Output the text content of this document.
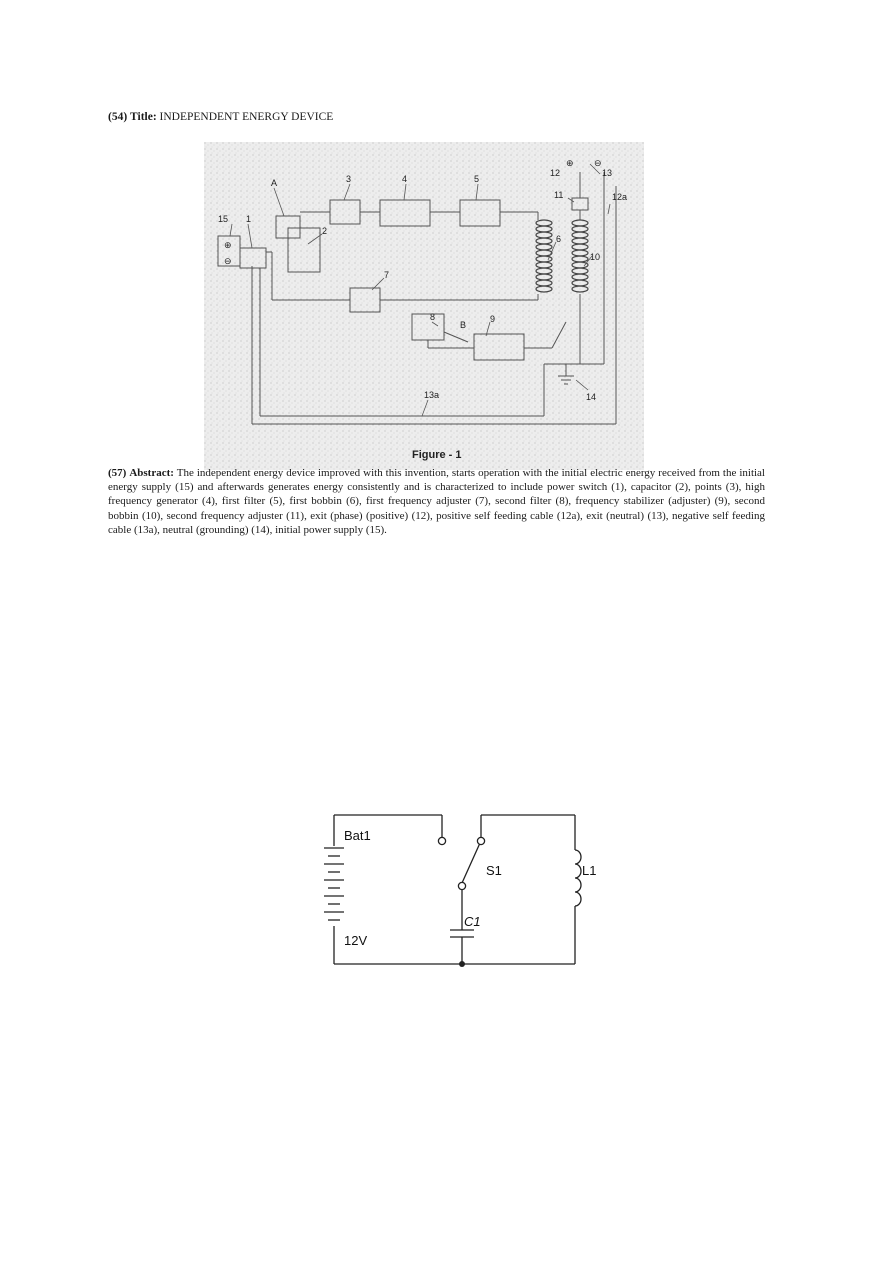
(54) Title: INDEPENDENT ENERGY DEVICE
15 1
A
2
3	4	5
6
7
8
B
9
10
11
12
12a
13
13a	14
⊕
⊖
⊕ ⊖
Figure - 1
(57) Abstract: The independent energy device improved with this invention, starts operation with the initial electric energy received from the initial energy supply (15) and afterwards generates energy consistently and is characterized to include power switch (1), capacitor (2), points (3), high frequency generator (4), first filter (5), first bobbin (6), first frequency adjuster (7), second filter (8), frequency stabilizer (adjuster) (9), second bobbin (10), second frequency adjuster (11), exit (phase) (positive) (12), positive self feeding cable (12a), exit (neutral) (13), negative self feeding cable (13a), neutral (grounding) (14), initial power supply (15).
Bat1
12V
S1
C1
L1
